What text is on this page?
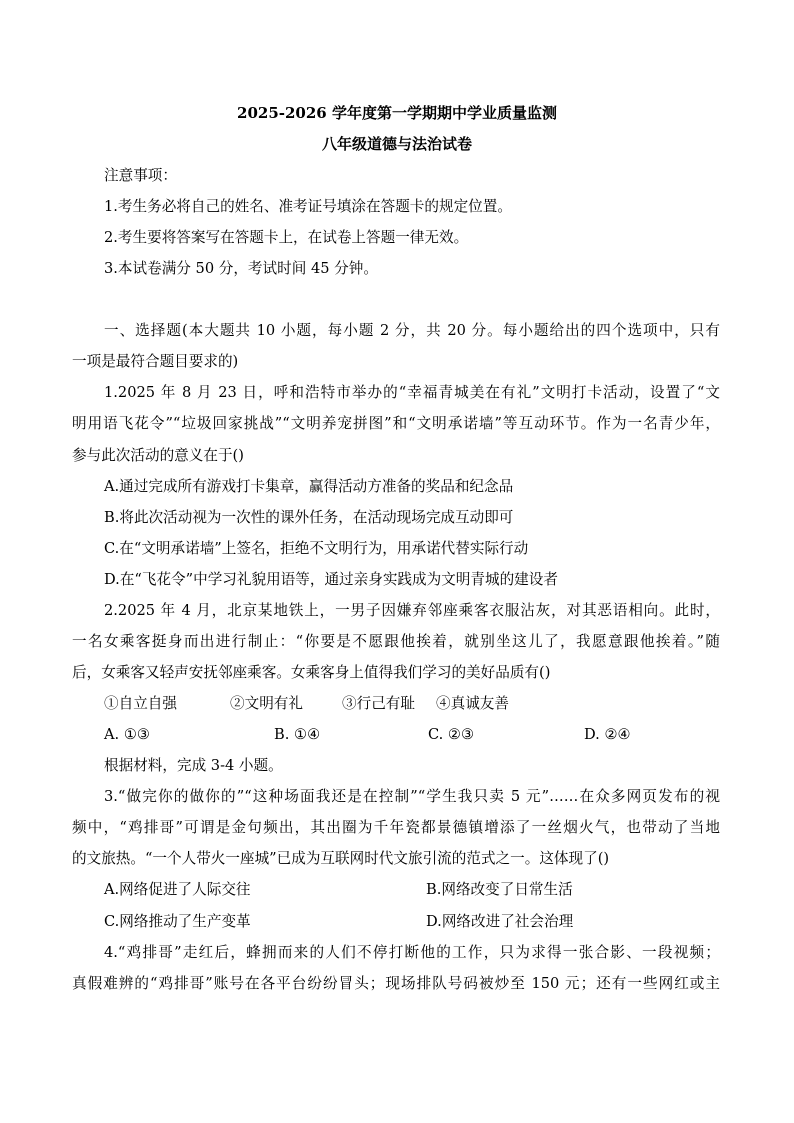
2025-2026 学年度第一学期期中学业质量监测
八年级道德与法治试卷
注意事项：
1.考生务必将自己的姓名、准考证号填涂在答题卡的规定位置。
2.考生要将答案写在答题卡上，在试卷上答题一律无效。
3.本试卷满分 50 分，考试时间 45 分钟。
一、选择题(本大题共 10 小题，每小题 2 分，共 20 分。每小题给出的四个选项中，只有
一项是最符合题目要求的)
1.2025 年 8 月 23 日，呼和浩特市举办的“幸福青城美在有礼”文明打卡活动，设置了“文
明用语飞花令”“垃圾回家挑战”“文明养宠拼图”和“文明承诺墙”等互动环节。作为一名青少年，
参与此次活动的意义在于()
A.通过完成所有游戏打卡集章，赢得活动方准备的奖品和纪念品
B.将此次活动视为一次性的课外任务，在活动现场完成互动即可
C.在“文明承诺墙”上签名，拒绝不文明行为，用承诺代替实际行动
D.在“飞花令”中学习礼貌用语等，通过亲身实践成为文明青城的建设者
2.2025 年 4 月，北京某地铁上，一男子因嫌弃邻座乘客衣服沾灰，对其恶语相向。此时，
一名女乘客挺身而出进行制止：“你要是不愿跟他挨着，就别坐这儿了，我愿意跟他挨着。”随
后，女乘客又轻声安抚邻座乘客。女乘客身上值得我们学习的美好品质有()
①自立自强	②文明有礼	③行己有耻 ④真诚友善
A. ①③	B. ①④	C. ②③	D. ②④
根据材料，完成 3-4 小题。
3.“做完你的做你的”“这种场面我还是在控制”“学生我只卖 5 元”……在众多网页发布的视
频中，“鸡排哥”可谓是金句频出，其出圈为千年瓷都景德镇增添了一丝烟火气，也带动了当地
的文旅热。“一个人带火一座城”已成为互联网时代文旅引流的范式之一。这体现了()
A.网络促进了人际交往	B.网络改变了日常生活
C.网络推动了生产变革	D.网络改进了社会治理
4.“鸡排哥”走红后，蜂拥而来的人们不停打断他的工作，只为求得一张合影、一段视频；
真假难辨的“鸡排哥”账号在各平台纷纷冒头；现场排队号码被炒至 150 元；还有一些网红或主
